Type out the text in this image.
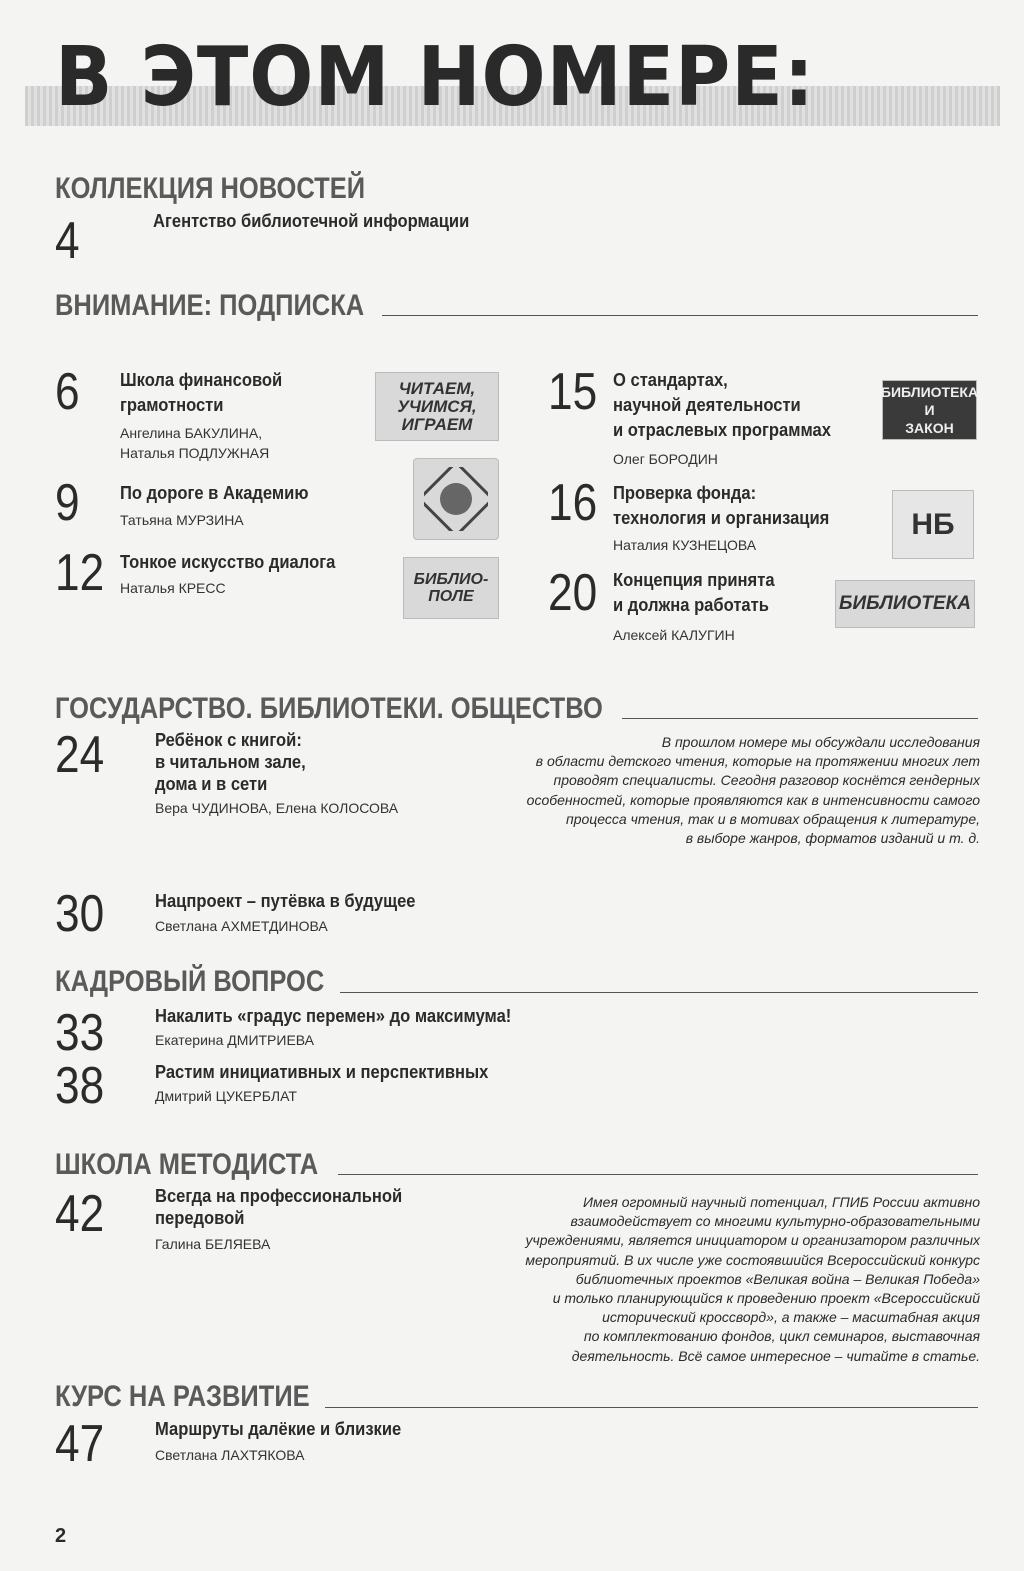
В ЭТОМ НОМЕРЕ:
КОЛЛЕКЦИЯ НОВОСТЕЙ
4	Агентство библиотечной информации
ВНИМАНИЕ: ПОДПИСКА
6 Школа финансовой
грамотности
Ангелина БАКУЛИНА,
Наталья ПОДЛУЖНАЯ
ЧИТАЕМ,
УЧИМСЯ,
ИГРАЕМ
9 По дороге в Академию
Татьяна МУРЗИНА
12 Тонкое искусство диалога
Наталья КРЕСС	БИБЛИО-
ПОЛЕ
15 О стандартах,
научной деятельности
и отраслевых программах
Олег БОРОДИН
БИБЛИОТЕКА
И
ЗАКОН
16 Проверка фонда:
технология и организация
Наталия КУЗНЕЦОВА
НБ
20 Концепция принята
и должна работать
Алексей КАЛУГИН
БИБЛИОТЕКА
ГОСУДАРСТВО. БИБЛИОТЕКИ. ОБЩЕСТВО
24	Ребёнок с книгой:
в читальном зале,
дома и в сети
Вера ЧУДИНОВА, Елена КОЛОСОВА
В прошлом номере мы обсуждали исследования
в области детского чтения, которые на протяжении многих лет
проводят специалисты. Сегодня разговор коснётся гендерных
особенностей, которые проявляются как в интенсивности самого
процесса чтения, так и в мотивах обращения к литературе,
в выборе жанров, форматов изданий и т. д.
30	Нацпроект – путёвка в будущее
Светлана АХМЕТДИНОВА
КАДРОВЫЙ ВОПРОС
33	Накалить «градус перемен» до максимума!
Екатерина ДМИТРИЕВА
38	Растим инициативных и перспективных
Дмитрий ЦУКЕРБЛАТ
ШКОЛА МЕТОДИСТА
42	Всегда на профессиональной
передовой
Галина БЕЛЯЕВА
Имея огромный научный потенциал, ГПИБ России активно
взаимодействует со многими культурно-образовательными
учреждениями, является инициатором и организатором различных
мероприятий. В их числе уже состоявшийся Всероссийский конкурс
библиотечных проектов «Великая война – Великая Победа»
и только планирующийся к проведению проект «Всероссийский
исторический кроссворд», а также – масштабная акция
по комплектованию фондов, цикл семинаров, выставочная
деятельность. Всё самое интересное – читайте в статье.
КУРС НА РАЗВИТИЕ
47	Маршруты далёкие и близкие
Светлана ЛАХТЯКОВА
2
